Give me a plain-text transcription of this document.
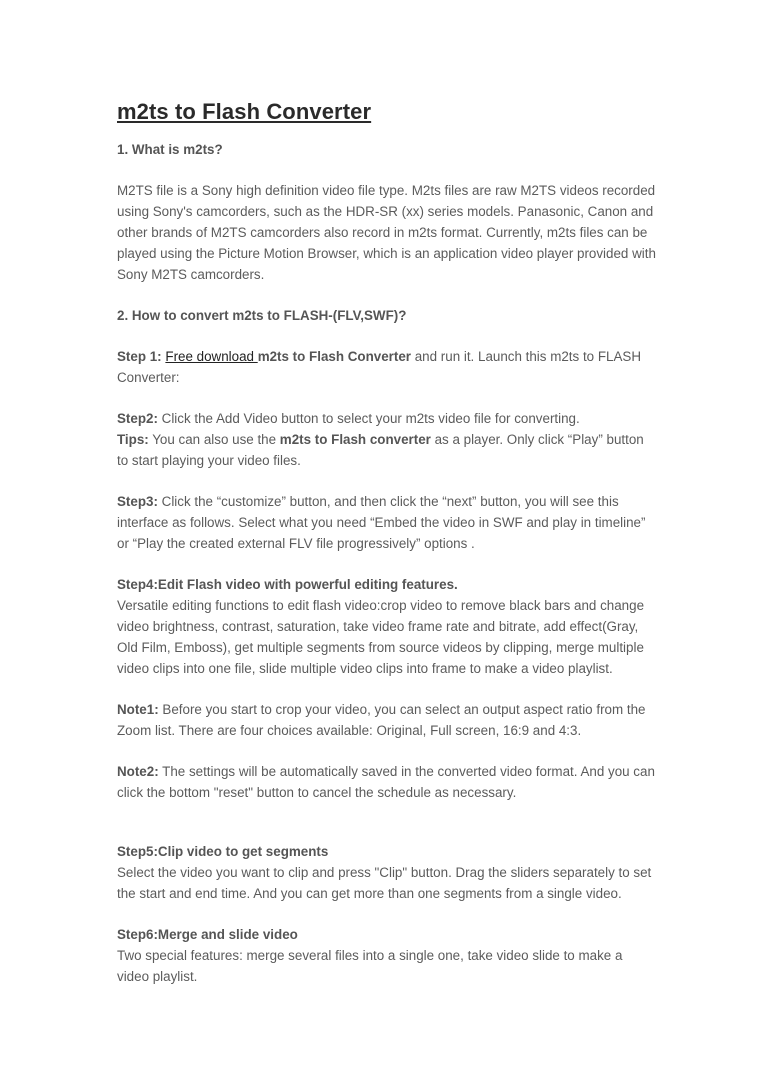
m2ts to Flash Converter

1. What is m2ts?

M2TS file is a Sony high definition video file type. M2ts files are raw M2TS videos recorded using Sony's camcorders, such as the HDR-SR (xx) series models. Panasonic, Canon and other brands of M2TS camcorders also record in m2ts format. Currently, m2ts files can be played using the Picture Motion Browser, which is an application video player provided with Sony M2TS camcorders.

2. How to convert m2ts to FLASH-(FLV,SWF)?

Step 1: Free download m2ts to Flash Converter and run it. Launch this m2ts to FLASH Converter:

Step2: Click the Add Video button to select your m2ts video file for converting.
Tips: You can also use the m2ts to Flash converter as a player. Only click “Play” button to start playing your video files.

Step3: Click the “customize” button, and then click the “next” button, you will see this interface as follows. Select what you need “Embed the video in SWF and play in timeline” or “Play the created external FLV file progressively” options .

Step4:Edit Flash video with powerful editing features.
Versatile editing functions to edit flash video:crop video to remove black bars and change video brightness, contrast, saturation, take video frame rate and bitrate, add effect(Gray, Old Film, Emboss), get multiple segments from source videos by clipping, merge multiple video clips into one file, slide multiple video clips into frame to make a video playlist.

Note1: Before you start to crop your video, you can select an output aspect ratio from the Zoom list. There are four choices available: Original, Full screen, 16:9 and 4:3.

Note2: The settings will be automatically saved in the converted video format. And you can click the bottom "reset" button to cancel the schedule as necessary.

Step5:Clip video to get segments
Select the video you want to clip and press "Clip" button. Drag the sliders separately to set the start and end time. And you can get more than one segments from a single video.

Step6:Merge and slide video
Two special features: merge several files into a single one, take video slide to make a video playlist.
